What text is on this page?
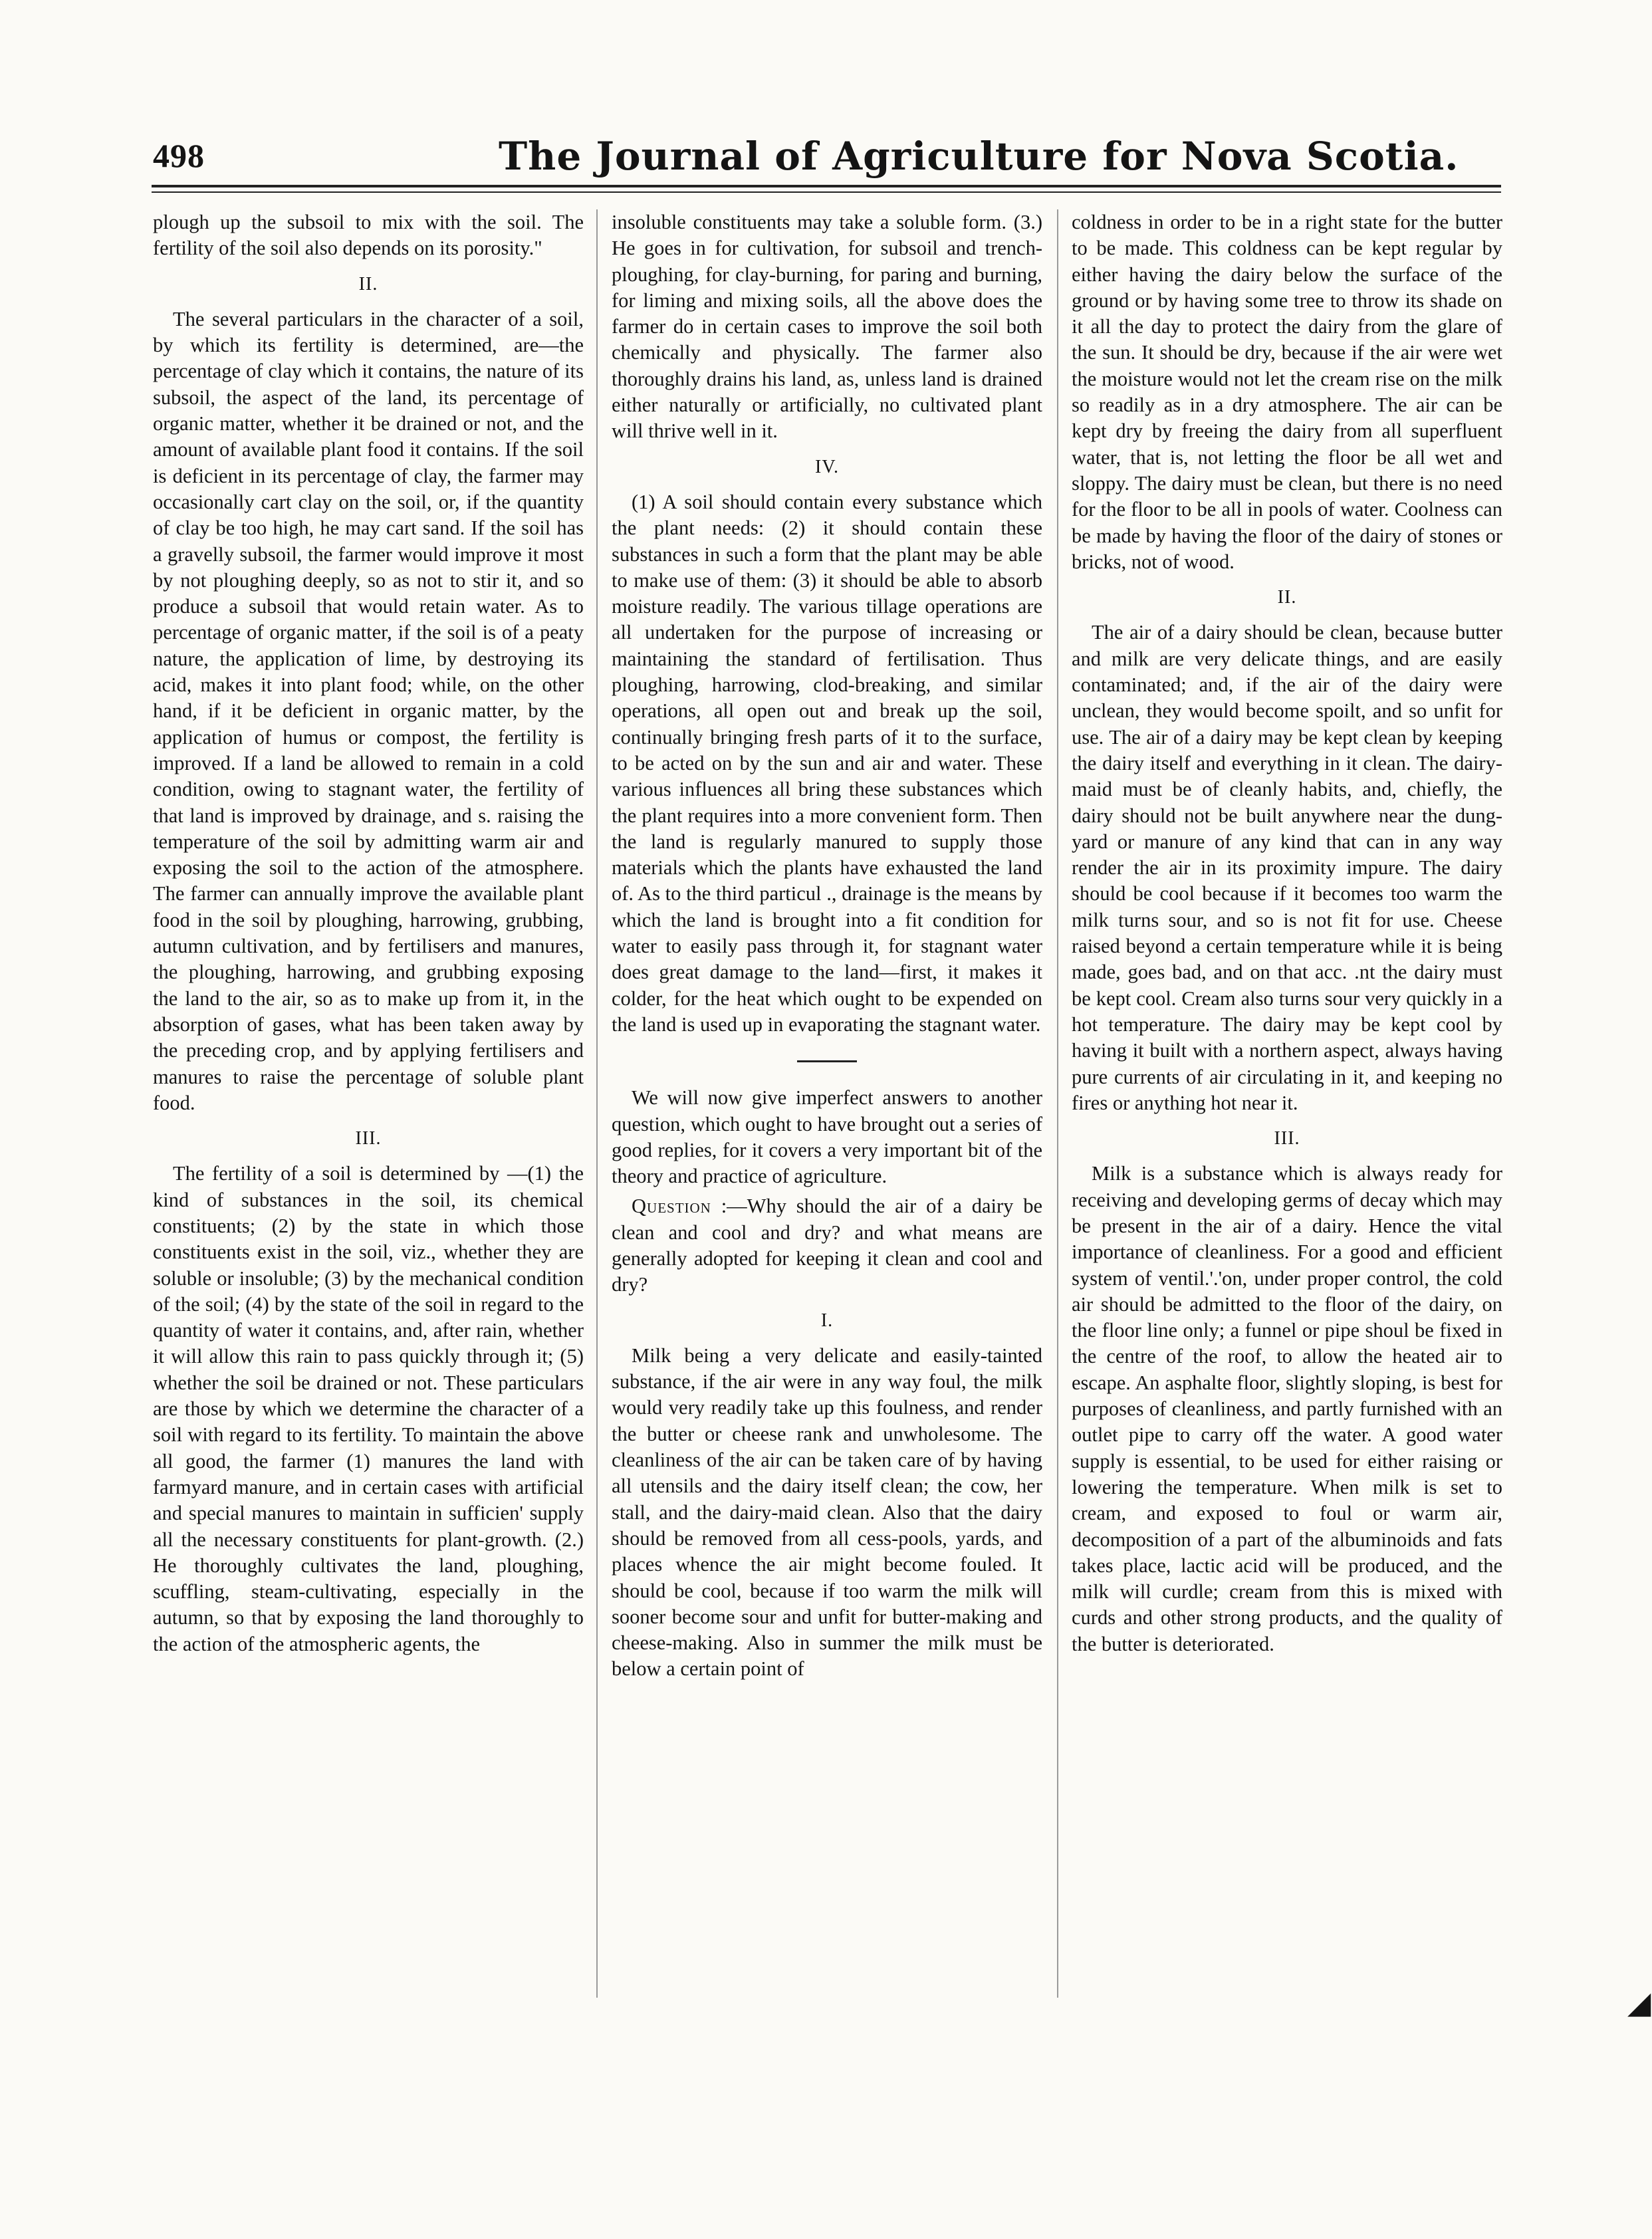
498	The Journal of Agriculture for Nova Scotia.

plough up the subsoil to mix with the soil. The fertility of the soil also depends on its porosity."

II.

The several particulars in the character of a soil, by which its fertility is determined, are—the percentage of clay which it contains, the nature of its subsoil, the aspect of the land, its percentage of organic matter, whether it be drained or not, and the amount of available plant food it contains. If the soil is deficient in its percentage of clay, the farmer may occasionally cart clay on the soil, or, if the quantity of clay be too high, he may cart sand. If the soil has a gravelly subsoil, the farmer would improve it most by not ploughing deeply, so as not to stir it, and so produce a subsoil that would retain water. As to percentage of organic matter, if the soil is of a peaty nature, the application of lime, by destroying its acid, makes it into plant food; while, on the other hand, if it be deficient in organic matter, by the application of humus or compost, the fertility is improved. If a land be allowed to remain in a cold condition, owing to stagnant water, the fertility of that land is improved by drainage, and s. raising the temperature of the soil by admitting warm air and exposing the soil to the action of the atmosphere. The farmer can annually improve the available plant food in the soil by ploughing, harrowing, grubbing, autumn cultivation, and by fertilisers and manures, the ploughing, harrowing, and grubbing exposing the land to the air, so as to make up from it, in the absorption of gases, what has been taken away by the preceding crop, and by applying fertilisers and manures to raise the percentage of soluble plant food.

III.

The fertility of a soil is determined by —(1) the kind of substances in the soil, its chemical constituents; (2) by the state in which those constituents exist in the soil, viz., whether they are soluble or insoluble; (3) by the mechanical condition of the soil; (4) by the state of the soil in regard to the quantity of water it contains, and, after rain, whether it will allow this rain to pass quickly through it; (5) whether the soil be drained or not. These particulars are those by which we determine the character of a soil with regard to its fertility. To maintain the above all good, the farmer (1) manures the land with farmyard manure, and in certain cases with artificial and special manures to maintain in sufficien' supply all the necessary constituents for plant-growth. (2.) He thoroughly cultivates the land, ploughing, scuffling, steam-cultivating, especially in the autumn, so that by exposing the land thoroughly to the action of the atmospheric agents, the

insoluble constituents may take a soluble form. (3.) He goes in for cultivation, for subsoil and trench-ploughing, for clay-burning, for paring and burning, for liming and mixing soils, all the above does the farmer do in certain cases to improve the soil both chemically and physically. The farmer also thoroughly drains his land, as, unless land is drained either naturally or artificially, no cultivated plant will thrive well in it.

IV.

(1) A soil should contain every substance which the plant needs: (2) it should contain these substances in such a form that the plant may be able to make use of them: (3) it should be able to absorb moisture readily. The various tillage operations are all undertaken for the purpose of increasing or maintaining the standard of fertilisation. Thus ploughing, harrowing, clod-breaking, and similar operations, all open out and break up the soil, continually bringing fresh parts of it to the surface, to be acted on by the sun and air and water. These various influences all bring these substances which the plant requires into a more convenient form. Then the land is regularly manured to supply those materials which the plants have exhausted the land of. As to the third particul ., drainage is the means by which the land is brought into a fit condition for water to easily pass through it, for stagnant water does great damage to the land—first, it makes it colder, for the heat which ought to be expended on the land is used up in evaporating the stagnant water.

We will now give imperfect answers to another question, which ought to have brought out a series of good replies, for it covers a very important bit of the theory and practice of agriculture.

Question :—Why should the air of a dairy be clean and cool and dry? and what means are generally adopted for keeping it clean and cool and dry?

I.

Milk being a very delicate and easily-tainted substance, if the air were in any way foul, the milk would very readily take up this foulness, and render the butter or cheese rank and unwholesome. The cleanliness of the air can be taken care of by having all utensils and the dairy itself clean; the cow, her stall, and the dairy-maid clean. Also that the dairy should be removed from all cess-pools, yards, and places whence the air might become fouled. It should be cool, because if too warm the milk will sooner become sour and unfit for butter-making and cheese-making. Also in summer the milk must be below a certain point of

coldness in order to be in a right state for the butter to be made. This coldness can be kept regular by either having the dairy below the surface of the ground or by having some tree to throw its shade on it all the day to protect the dairy from the glare of the sun. It should be dry, because if the air were wet the moisture would not let the cream rise on the milk so readily as in a dry atmosphere. The air can be kept dry by freeing the dairy from all superfluent water, that is, not letting the floor be all wet and sloppy. The dairy must be clean, but there is no need for the floor to be all in pools of water. Coolness can be made by having the floor of the dairy of stones or bricks, not of wood.

II.

The air of a dairy should be clean, because butter and milk are very delicate things, and are easily contaminated; and, if the air of the dairy were unclean, they would become spoilt, and so unfit for use. The air of a dairy may be kept clean by keeping the dairy itself and everything in it clean. The dairy-maid must be of cleanly habits, and, chiefly, the dairy should not be built anywhere near the dung-yard or manure of any kind that can in any way render the air in its proximity impure. The dairy should be cool because if it becomes too warm the milk turns sour, and so is not fit for use. Cheese raised beyond a certain temperature while it is being made, goes bad, and on that acc. .nt the dairy must be kept cool. Cream also turns sour very quickly in a hot temperature. The dairy may be kept cool by having it built with a northern aspect, always having pure currents of air circulating in it, and keeping no fires or anything hot near it.

III.

Milk is a substance which is always ready for receiving and developing germs of decay which may be present in the air of a dairy. Hence the vital importance of cleanliness. For a good and efficient system of ventil.'.'on, under proper control, the cold air should be admitted to the floor of the dairy, on the floor line only; a funnel or pipe shoul be fixed in the centre of the roof, to allow the heated air to escape. An asphalte floor, slightly sloping, is best for purposes of cleanliness, and partly furnished with an outlet pipe to carry off the water. A good water supply is essential, to be used for either raising or lowering the temperature. When milk is set to cream, and exposed to foul or warm air, decomposition of a part of the albuminoids and fats takes place, lactic acid will be produced, and the milk will curdle; cream from this is mixed with curds and other strong products, and the quality of the butter is deteriorated.

◢
